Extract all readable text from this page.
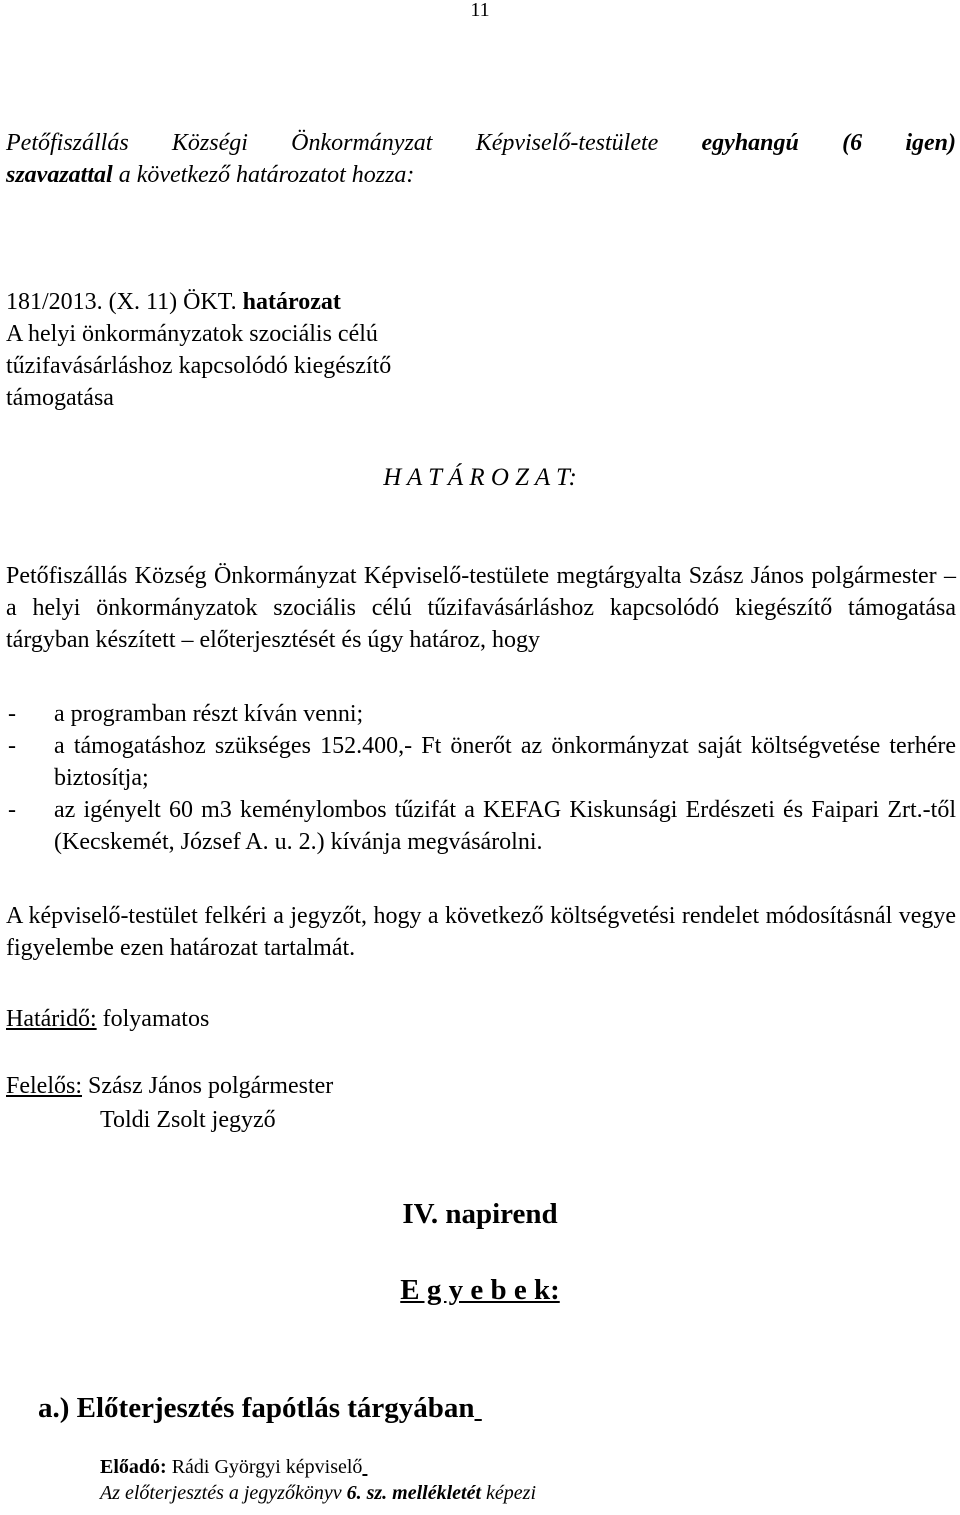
11
Petőfiszállás Községi Önkormányzat Képviselő-testülete egyhangú (6 igen)
szavazattal a következő határozatot hozza:
181/2013. (X. 11) ÖKT. határozat
A helyi önkormányzatok szociális célú
tűzifavásárláshoz kapcsolódó kiegészítő
támogatása
H A T Á R O Z A T:
Petőfiszállás Község Önkormányzat Képviselő-testülete megtárgyalta Szász János polgármester – a helyi önkormányzatok szociális célú tűzifavásárláshoz kapcsolódó kiegészítő támogatása tárgyban készített – előterjesztését és úgy határoz, hogy
-	a programban részt kíván venni;
-	a támogatáshoz szükséges 152.400,- Ft önerőt az önkormányzat saját költségvetése terhére biztosítja;
-	az igényelt 60 m3 keménylombos tűzifát a KEFAG Kiskunsági Erdészeti és Faipari Zrt.-től (Kecskemét, József A. u. 2.) kívánja megvásárolni.
A képviselő-testület felkéri a jegyzőt, hogy a következő költségvetési rendelet módosításnál vegye figyelembe ezen határozat tartalmát.
Határidő: folyamatos
Felelős: Szász János polgármester
Toldi Zsolt jegyző
IV. napirend
E g y e b e k:
a.) Előterjesztés fapótlás tárgyában
Előadó: Rádi Györgyi képviselő
Az előterjesztés a jegyzőkönyv 6. sz. mellékletét képezi
